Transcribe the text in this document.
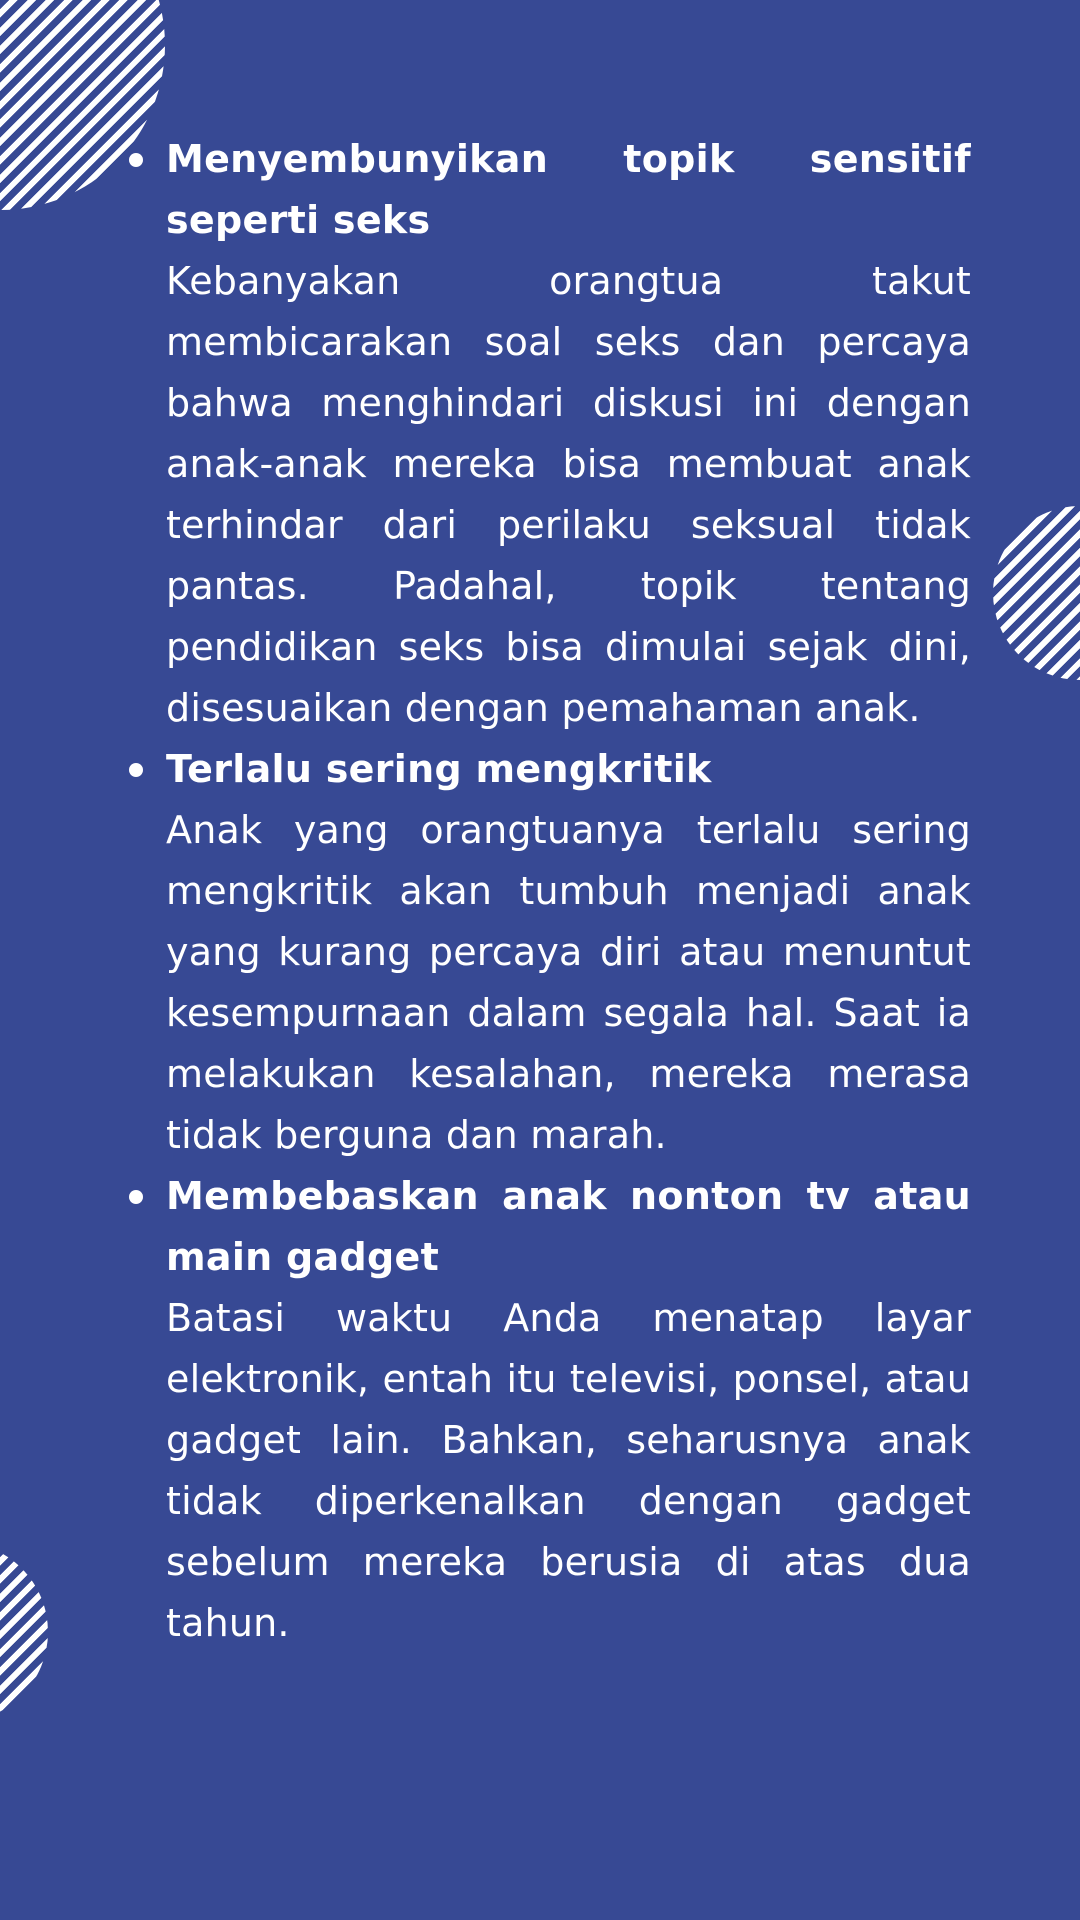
Menyembunyikan topik sensitif seperti seks
Kebanyakan orangtua takut membicarakan soal seks dan percaya bahwa menghindari diskusi ini dengan anak-anak mereka bisa membuat anak terhindar dari perilaku seksual tidak pantas. Padahal, topik tentang pendidikan seks bisa dimulai sejak dini, disesuaikan dengan pemahaman anak.
Terlalu sering mengkritik
Anak yang orangtuanya terlalu sering mengkritik akan tumbuh menjadi anak yang kurang percaya diri atau menuntut kesempurnaan dalam segala hal. Saat ia melakukan kesalahan, mereka merasa tidak berguna dan marah.
Membebaskan anak nonton tv atau main gadget
Batasi waktu Anda menatap layar elektronik, entah itu televisi, ponsel, atau gadget lain. Bahkan, seharusnya anak tidak diperkenalkan dengan gadget sebelum mereka berusia di atas dua tahun.
